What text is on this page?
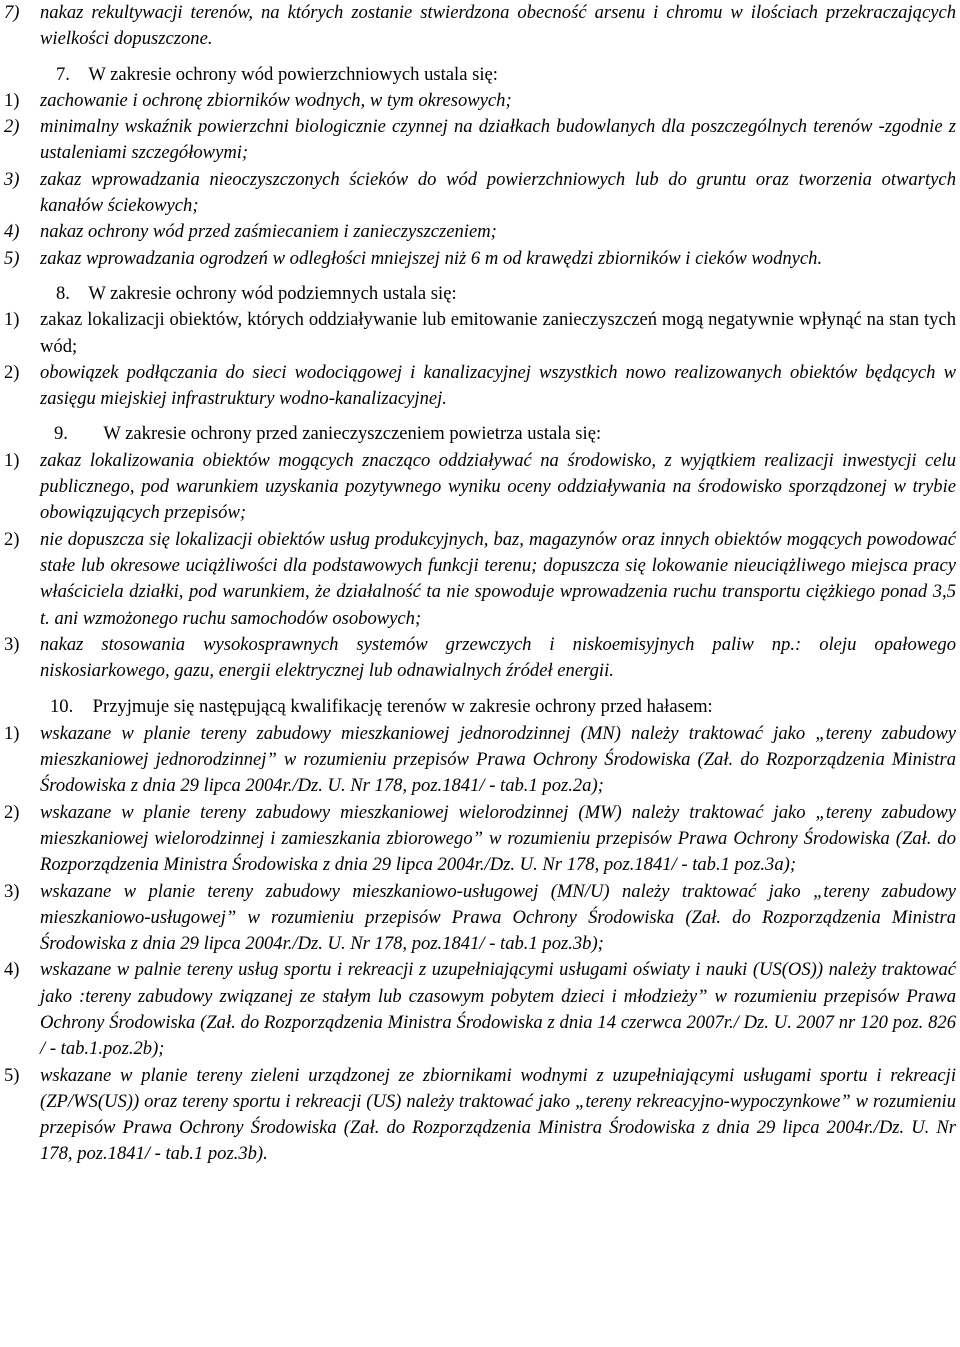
7)	nakaz rekultywacji terenów, na których zostanie stwierdzona obecność arsenu i chromu w ilościach przekraczających wielkości dopuszczone.
7. W zakresie ochrony wód powierzchniowych ustala się:
1)	zachowanie i ochronę zbiorników wodnych, w tym okresowych;
2)	minimalny wskaźnik powierzchni biologicznie czynnej na działkach budowlanych dla poszczególnych terenów -zgodnie z ustaleniami szczegółowymi;
3)	zakaz wprowadzania nieoczyszczonych ścieków do wód powierzchniowych lub do gruntu oraz tworzenia otwartych kanałów ściekowych;
4)	nakaz ochrony wód przed zaśmiecaniem i zanieczyszczeniem;
5)	zakaz wprowadzania ogrodzeń w odległości mniejszej niż 6 m od krawędzi zbiorników i cieków wodnych.
8. W zakresie ochrony wód podziemnych ustala się:
1)	zakaz lokalizacji obiektów, których oddziaływanie lub emitowanie zanieczyszczeń mogą negatywnie wpłynąć na stan tych wód;
2)	obowiązek podłączania do sieci wodociągowej i kanalizacyjnej wszystkich nowo realizowanych obiektów będących w zasięgu miejskiej infrastruktury wodno-kanalizacyjnej.
9. W zakresie ochrony przed zanieczyszczeniem powietrza ustala się:
1)	zakaz lokalizowania obiektów mogących znacząco oddziaływać na środowisko, z wyjątkiem realizacji inwestycji celu publicznego, pod warunkiem uzyskania pozytywnego wyniku oceny oddziaływania na środowisko sporządzonej w trybie obowiązujących przepisów;
2)	nie dopuszcza się lokalizacji obiektów usług produkcyjnych, baz, magazynów oraz innych obiektów mogących powodować stałe lub okresowe uciążliwości dla podstawowych funkcji terenu; dopuszcza się lokowanie nieuciążliwego miejsca pracy właściciela działki, pod warunkiem, że działalność ta nie spowoduje wprowadzenia ruchu transportu ciężkiego ponad 3,5 t. ani wzmożonego ruchu samochodów osobowych;
3)	nakaz stosowania wysokosprawnych systemów grzewczych i niskoemisyjnych paliw np.: oleju opałowego niskosiarkowego, gazu, energii elektrycznej lub odnawialnych źródeł energii.
10. Przyjmuje się następującą kwalifikację terenów w zakresie ochrony przed hałasem:
1)	wskazane w planie tereny zabudowy mieszkaniowej jednorodzinnej (MN) należy traktować jako „tereny zabudowy mieszkaniowej jednorodzinnej” w rozumieniu przepisów Prawa Ochrony Środowiska (Zał. do Rozporządzenia Ministra Środowiska z dnia 29 lipca 2004r./Dz. U. Nr 178, poz.1841/ - tab.1 poz.2a);
2)	wskazane w planie tereny zabudowy mieszkaniowej wielorodzinnej (MW) należy traktować jako „tereny zabudowy mieszkaniowej wielorodzinnej i zamieszkania zbiorowego” w rozumieniu przepisów Prawa Ochrony Środowiska (Zał. do Rozporządzenia Ministra Środowiska z dnia 29 lipca 2004r./Dz. U. Nr 178, poz.1841/ - tab.1 poz.3a);
3)	wskazane w planie tereny zabudowy mieszkaniowo-usługowej (MN/U) należy traktować jako „tereny zabudowy mieszkaniowo-usługowej” w rozumieniu przepisów Prawa Ochrony Środowiska (Zał. do Rozporządzenia Ministra Środowiska z dnia 29 lipca 2004r./Dz. U. Nr 178, poz.1841/ - tab.1 poz.3b);
4)	wskazane w palnie tereny usług sportu i rekreacji z uzupełniającymi usługami oświaty i nauki (US(OS)) należy traktować jako :tereny zabudowy związanej ze stałym lub czasowym pobytem dzieci i młodzieży” w rozumieniu przepisów Prawa Ochrony Środowiska (Zał. do Rozporządzenia Ministra Środowiska z dnia 14 czerwca 2007r./ Dz. U. 2007 nr 120 poz. 826 / - tab.1.poz.2b);
5)	wskazane w planie tereny zieleni urządzonej ze zbiornikami wodnymi z uzupełniającymi usługami sportu i rekreacji (ZP/WS(US)) oraz tereny sportu i rekreacji (US) należy traktować jako „tereny rekreacyjno-wypoczynkowe” w rozumieniu przepisów Prawa Ochrony Środowiska (Zał. do Rozporządzenia Ministra Środowiska z dnia 29 lipca 2004r./Dz. U. Nr 178, poz.1841/ - tab.1 poz.3b).
